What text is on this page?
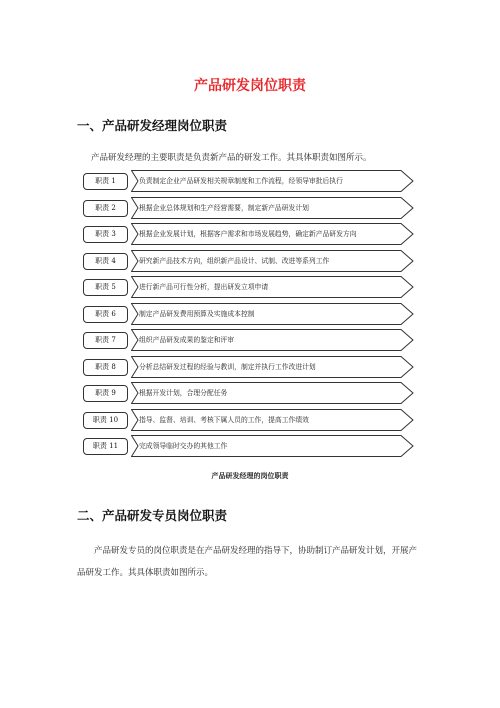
产品研发岗位职责
一、产品研发经理岗位职责
产品研发经理的主要职责是负责新产品的研发工作。其具体职责如图所示。
职责 1	负责制定企业产品研发相关规章制度和工作流程，经领导审批后执行
职责 2	根据企业总体规划和生产经营需要，制定新产品研发计划
职责 3	根据企业发展计划，根据客户需求和市场发展趋势，确定新产品研发方向
职责 4	研究新产品技术方向，组织新产品设计、试制、改进等系列工作
职责 5	进行新产品可行性分析，提出研发立项申请
职责 6	制定产品研发费用预算及实施成本控制
职责 7	组织产品研发成果的鉴定和评审
职责 8	分析总结研发过程的经验与教训，制定并执行工作改进计划
职责 9	根据开发计划，合理分配任务
职责 10	指导、监督、培训、考核下属人员的工作，提高工作绩效
职责 11	完成领导临时交办的其他工作
产品研发经理的岗位职责
二、产品研发专员岗位职责
产品研发专员的岗位职责是在产品研发经理的指导下，协助制订产品研发计划，开展产品研发工作。其具体职责如图所示。
